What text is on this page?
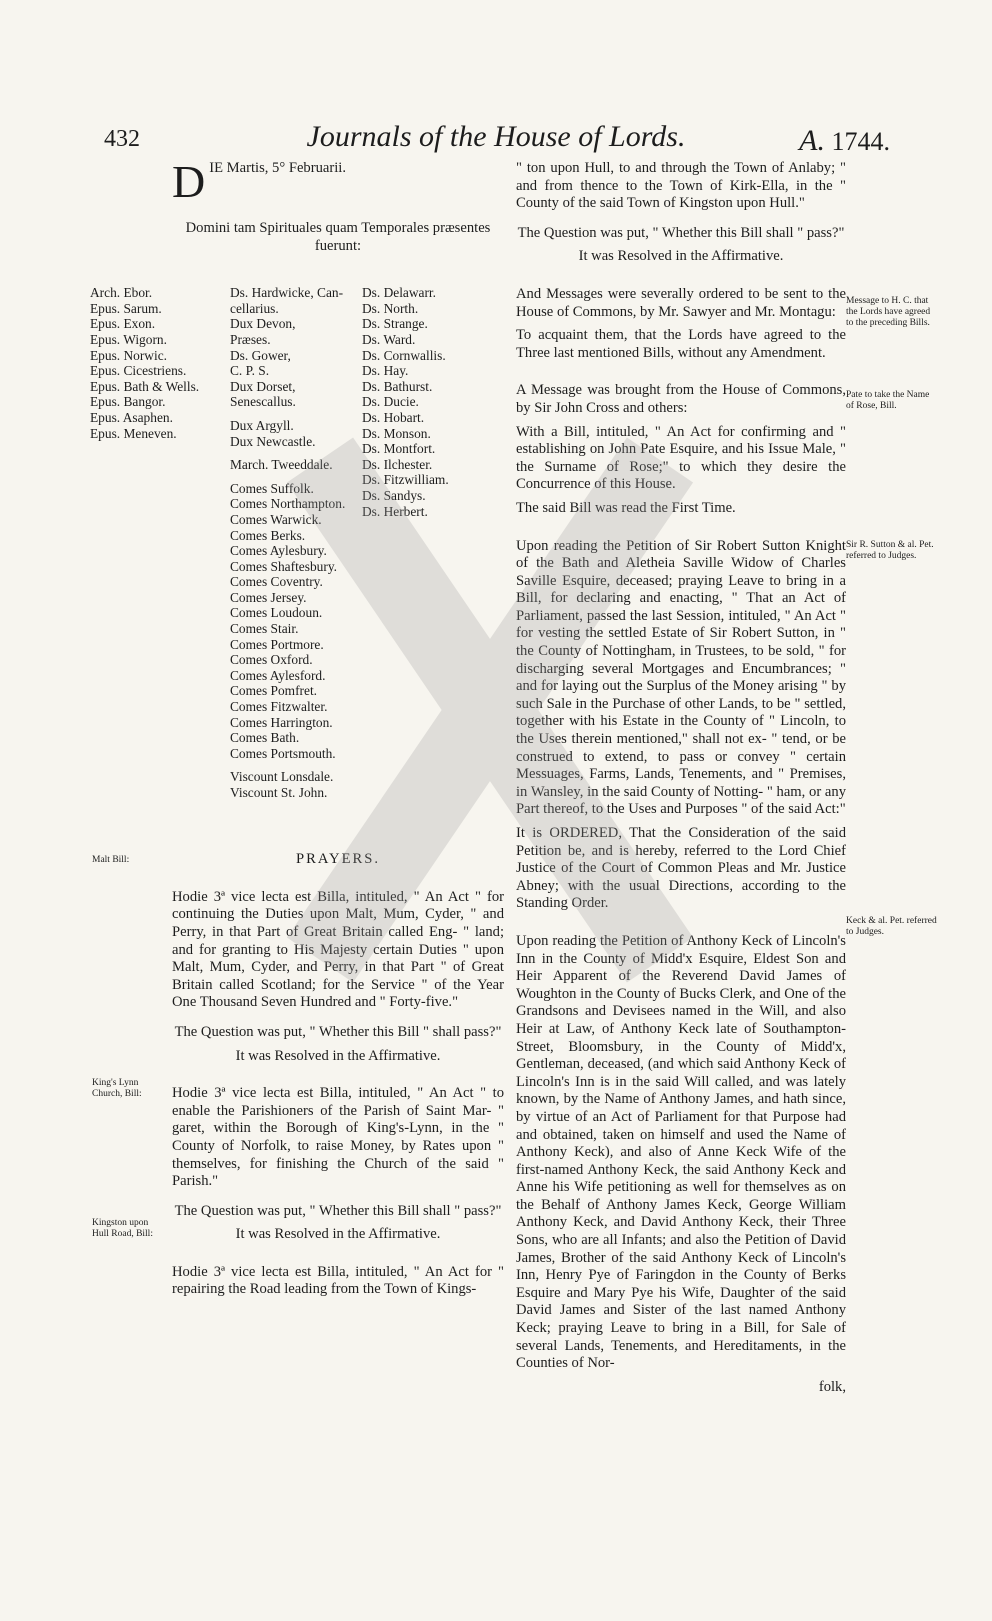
432	Journals of the House of Lords.	A. 1744.
DIE Martis, 5° Februarii.

Domini tam Spirituales quam Temporales præsentes fuerunt:

Arch. Ebor.
Epus. Sarum.
Epus. Exon.
Epus. Wigorn.
Epus. Norwic.
Epus. Cicestriens.
Epus. Bath & Wells.
Epus. Bangor.
Epus. Asaphen.
Epus. Meneven.
Ds. Hardwicke, Can-
cellarius.
Dux Devon,
Præses.
Ds. Gower,
C. P. S.
Dux Dorset,
Senescallus.
Dux Argyll.
Dux Newcastle.
March. Tweeddale.
Comes Suffolk.
Comes Northampton.
Comes Warwick.
Comes Berks.
Comes Aylesbury.
Comes Shaftesbury.
Comes Coventry.
Comes Jersey.
Comes Loudoun.
Comes Stair.
Comes Portmore.
Comes Oxford.
Comes Aylesford.
Comes Pomfret.
Comes Fitzwalter.
Comes Harrington.
Comes Bath.
Comes Portsmouth.
Viscount Lonsdale.
Viscount St. John.
Ds. Delawarr.
Ds. North.
Ds. Strange.
Ds. Ward.
Ds. Cornwallis.
Ds. Hay.
Ds. Bathurst.
Ds. Ducie.
Ds. Hobart.
Ds. Monson.
Ds. Montfort.
Ds. Ilchester.
Ds. Fitzwilliam.
Ds. Sandys.
Ds. Herbert.

PRAYERS.

Hodie 3ª vice lecta est Billa, intituled, " An Act " for continuing the Duties upon Malt, Mum, Cyder, " and Perry, in that Part of Great Britain called Eng- " land; and for granting to His Majesty certain Duties " upon Malt, Mum, Cyder, and Perry, in that Part " of Great Britain called Scotland; for the Service " of the Year One Thousand Seven Hundred and " Forty-five."

The Question was put, " Whether this Bill " shall pass?"

It was Resolved in the Affirmative.

Hodie 3ª vice lecta est Billa, intituled, " An Act " to enable the Parishioners of the Parish of Saint Mar- " garet, within the Borough of King's-Lynn, in the " County of Norfolk, to raise Money, by Rates upon " themselves, for finishing the Church of the said " Parish."

The Question was put, " Whether this Bill shall " pass?"

It was Resolved in the Affirmative.

Hodie 3ª vice lecta est Billa, intituled, " An Act for " repairing the Road leading from the Town of Kings-

Malt Bill:
King's Lynn Church, Bill:
Kingston upon Hull Road, Bill:

" ton upon Hull, to and through the Town of Anlaby; " and from thence to the Town of Kirk-Ella, in the " County of the said Town of Kingston upon Hull."

The Question was put, " Whether this Bill shall " pass?"

It was Resolved in the Affirmative.

And Messages were severally ordered to be sent to the House of Commons, by Mr. Sawyer and Mr. Montagu:

To acquaint them, that the Lords have agreed to the Three last mentioned Bills, without any Amendment.

A Message was brought from the House of Commons, by Sir John Cross and others:

With a Bill, intituled, " An Act for confirming and " establishing on John Pate Esquire, and his Issue Male, " the Surname of Rose;" to which they desire the Concurrence of this House.

The said Bill was read the First Time.

Upon reading the Petition of Sir Robert Sutton Knight of the Bath and Aletheia Saville Widow of Charles Saville Esquire, deceased; praying Leave to bring in a Bill, for declaring and enacting, " That an Act of Parliament, passed the last Session, intituled, " An Act " for vesting the settled Estate of Sir Robert Sutton, in " the County of Nottingham, in Trustees, to be sold, " for discharging several Mortgages and Encumbrances; " and for laying out the Surplus of the Money arising " by such Sale in the Purchase of other Lands, to be " settled, together with his Estate in the County of " Lincoln, to the Uses therein mentioned," shall not ex- " tend, or be construed to extend, to pass or convey " certain Messuages, Farms, Lands, Tenements, and " Premises, in Wansley, in the said County of Notting- " ham, or any Part thereof, to the Uses and Purposes " of the said Act:"

It is ORDERED, That the Consideration of the said Petition be, and is hereby, referred to the Lord Chief Justice of the Court of Common Pleas and Mr. Justice Abney; with the usual Directions, according to the Standing Order.

Upon reading the Petition of Anthony Keck of Lincoln's Inn in the County of Midd'x Esquire, Eldest Son and Heir Apparent of the Reverend David James of Woughton in the County of Bucks Clerk, and One of the Grandsons and Devisees named in the Will, and also Heir at Law, of Anthony Keck late of Southampton-Street, Bloomsbury, in the County of Midd'x, Gentleman, deceased, (and which said Anthony Keck of Lincoln's Inn is in the said Will called, and was lately known, by the Name of Anthony James, and hath since, by virtue of an Act of Parliament for that Purpose had and obtained, taken on himself and used the Name of Anthony Keck), and also of Anne Keck Wife of the first-named Anthony Keck, the said Anthony Keck and Anne his Wife petitioning as well for themselves as on the Behalf of Anthony James Keck, George William Anthony Keck, and David Anthony Keck, their Three Sons, who are all Infants; and also the Petition of David James, Brother of the said Anthony Keck of Lincoln's Inn, Henry Pye of Faringdon in the County of Berks Esquire and Mary Pye his Wife, Daughter of the said David James and Sister of the last named Anthony Keck; praying Leave to bring in a Bill, for Sale of several Lands, Tenements, and Hereditaments, in the Counties of Nor-

folk,

Message to H. C. that the Lords have agreed to the preceding Bills.
Pate to take the Name of Rose, Bill.
Sir R. Sutton & al. Pet. referred to Judges.
Keck & al. Pet. referred to Judges.
